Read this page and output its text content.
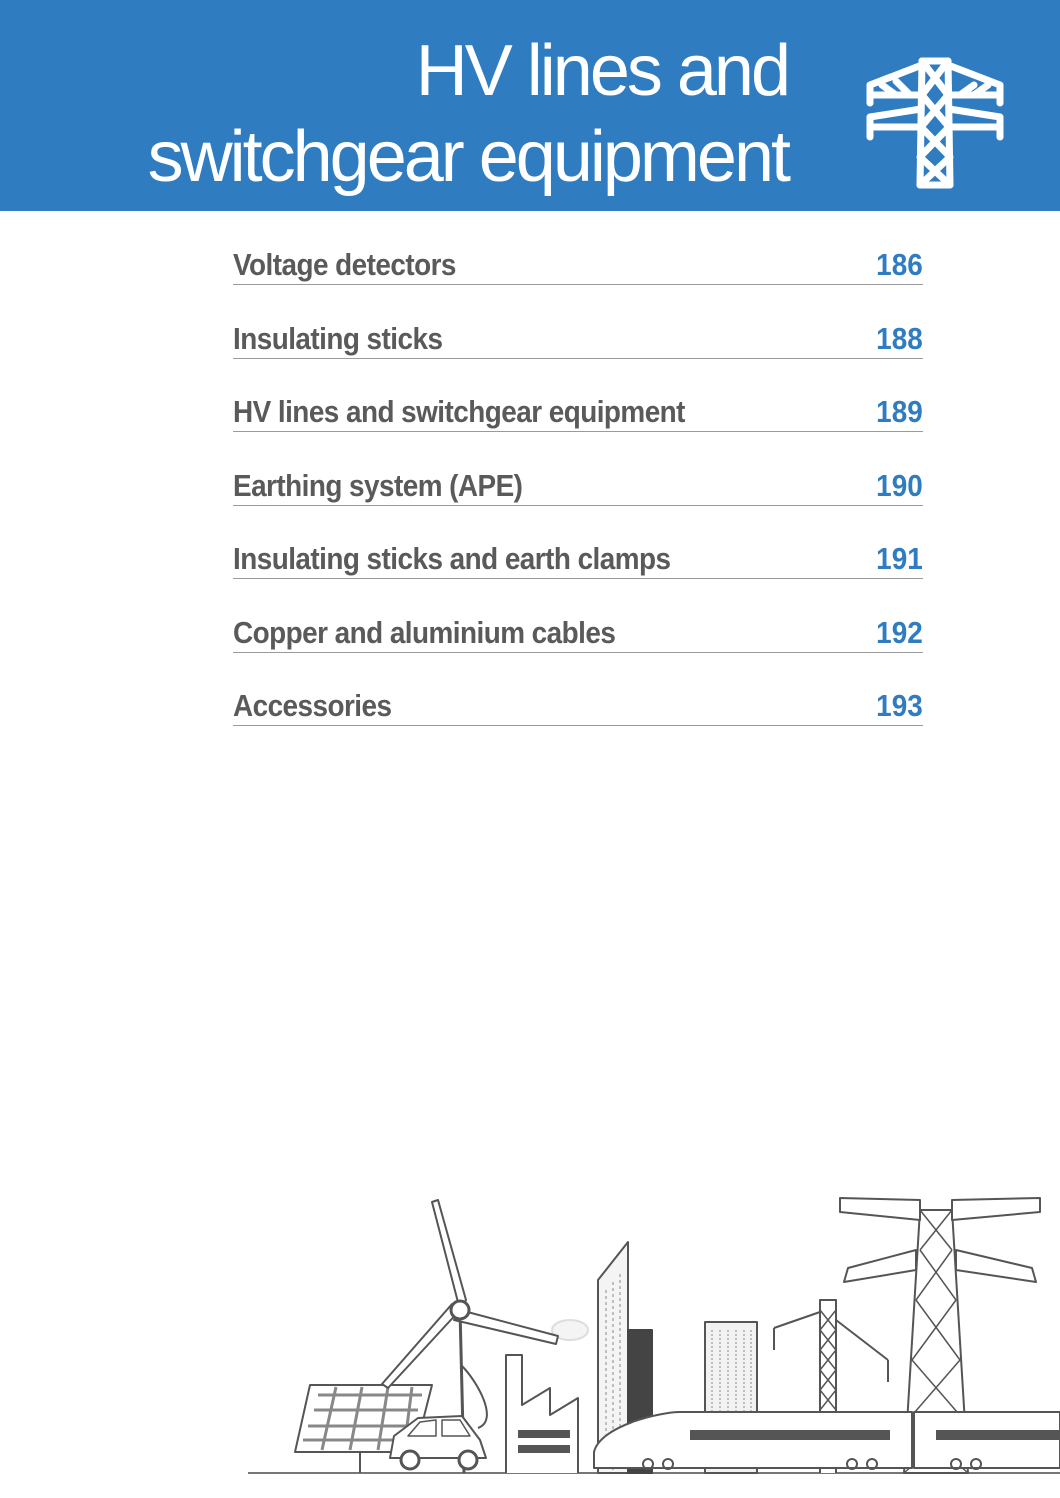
HV lines and
switchgear equipment
Voltage detectors	186
Insulating sticks	188
HV lines and switchgear equipment	189
Earthing system (APE)	190
Insulating sticks and earth clamps	191
Copper and aluminium cables	192
Accessories	193
